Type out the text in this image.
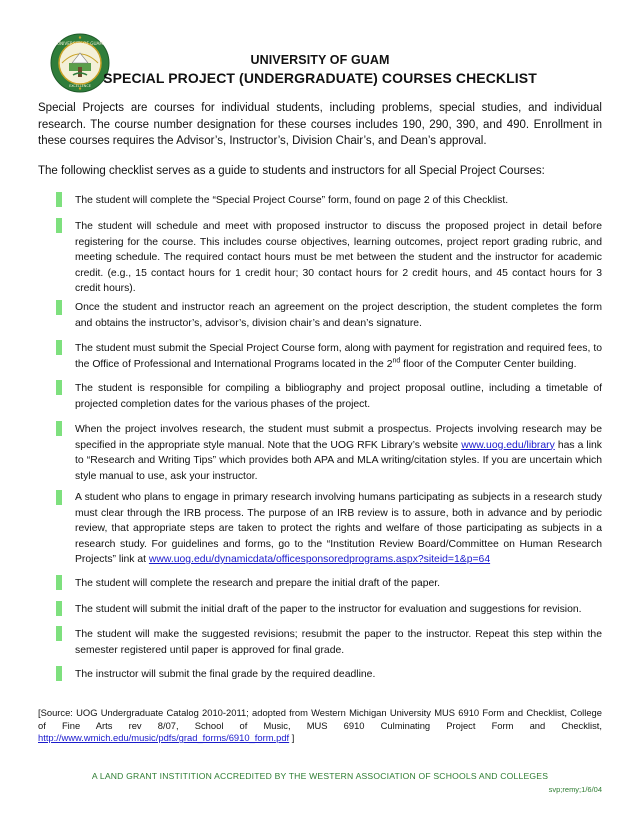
UNIVERSITY OF GUAM
EXCELLENCE
UNIVERSITY OF GUAM
SPECIAL PROJECT (UNDERGRADUATE) COURSES CHECKLIST

Special Projects are courses for individual students, including problems, special studies, and individual research. The course number designation for these courses includes 190, 290, 390, and 490. Enrollment in these courses requires the Advisor’s, Instructor’s, Division Chair’s, and Dean’s approval.

The following checklist serves as a guide to students and instructors for all Special Project Courses:

The student will complete the “Special Project Course” form, found on page 2 of this Checklist.

The student will schedule and meet with proposed instructor to discuss the proposed project in detail before registering for the course. This includes course objectives, learning outcomes, project report grading rubric, and meeting schedule. The required contact hours must be met between the student and the instructor for academic credit. (e.g., 15 contact hours for 1 credit hour; 30 contact hours for 2 credit hours, and 45 contact hours for 3 credit hours).

Once the student and instructor reach an agreement on the project description, the student completes the form and obtains the instructor’s, advisor’s, division chair’s and dean’s signature.

The student must submit the Special Project Course form, along with payment for registration and required fees, to the Office of Professional and International Programs located in the 2nd floor of the Computer Center building.

The student is responsible for compiling a bibliography and project proposal outline, including a timetable of projected completion dates for the various phases of the project.

When the project involves research, the student must submit a prospectus. Projects involving research may be specified in the appropriate style manual. Note that the UOG RFK Library’s website www.uog.edu/library has a link to “Research and Writing Tips” which provides both APA and MLA writing/citation styles. If you are uncertain which style manual to use, ask your instructor.

A student who plans to engage in primary research involving humans participating as subjects in a research study must clear through the IRB process. The purpose of an IRB review is to assure, both in advance and by periodic review, that appropriate steps are taken to protect the rights and welfare of those participating as subjects in a research study. For guidelines and forms, go to the “Institution Review Board/Committee on Human Research Projects” link at www.uog.edu/dynamicdata/officesponsoredprograms.aspx?siteid=1&p=64

The student will complete the research and prepare the initial draft of the paper.

The student will submit the initial draft of the paper to the instructor for evaluation and suggestions for revision.

The student will make the suggested revisions; resubmit the paper to the instructor. Repeat this step within the semester registered until paper is approved for final grade.

The instructor will submit the final grade by the required deadline.

[Source: UOG Undergraduate Catalog 2010-2011; adopted from Western Michigan University MUS 6910 Form and Checklist, College of Fine Arts rev 8/07, School of Music, MUS 6910 Culminating Project Form and Checklist, http://www.wmich.edu/music/pdfs/grad_forms/6910_form.pdf ]

A LAND GRANT INSTITITION ACCREDITED BY THE WESTERN ASSOCIATION OF SCHOOLS AND COLLEGES
svp;remy;1/6/04
